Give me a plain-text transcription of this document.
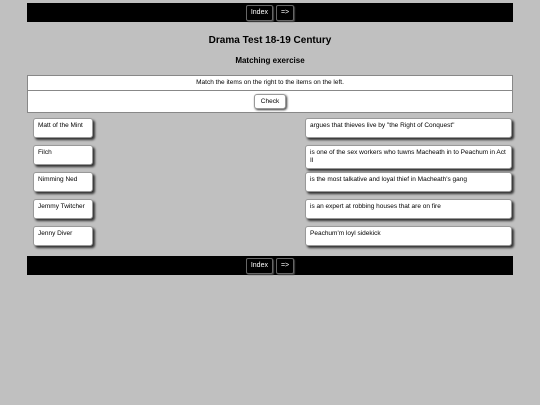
Index	=>
Drama Test 18-19 Century
Matching exercise
Match the items on the right to the items on the left.
Check
Matt of the Mint
Filch
Nimming Ned
Jemmy Twitcher
Jenny Diver
argues that thieves live by "the Right of Conquest"
is one of the sex workers who tuwns Macheath in to Peachum in Act II
is the most talkative and loyal thief in Macheath's gang
is an expert at robbing houses that are on fire
Peachum'm loyl sidekick
Index	=>
